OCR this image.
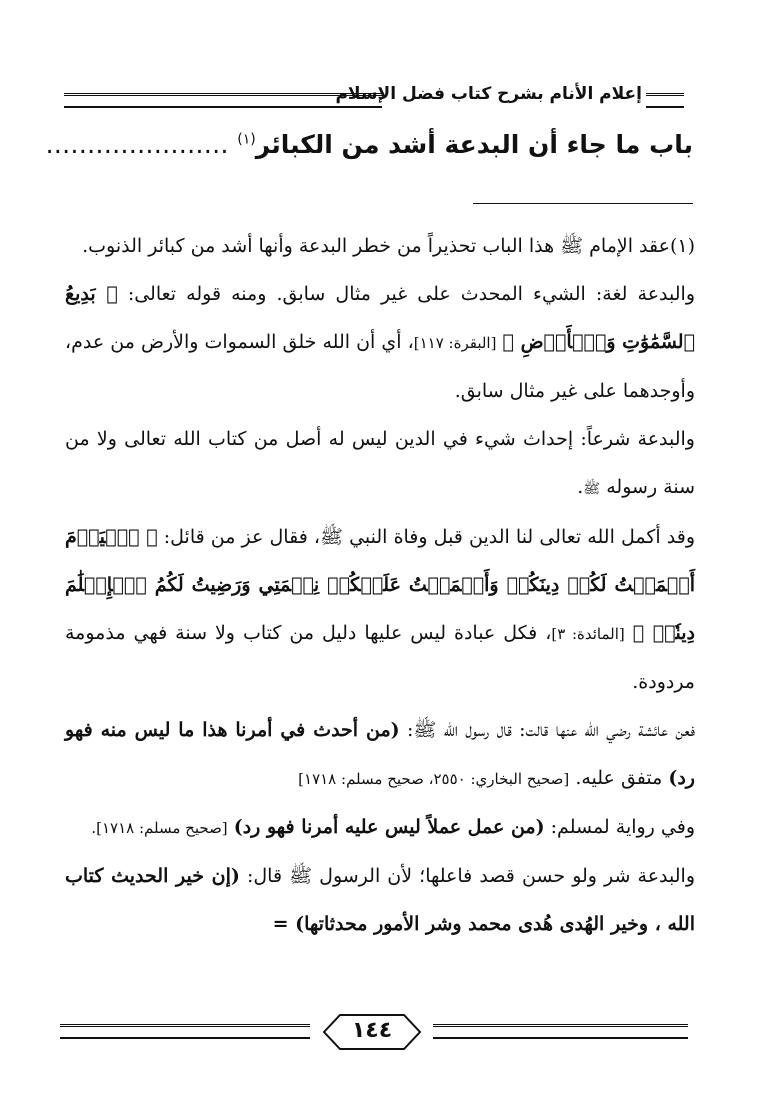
إعلام الأنام بشرح كتاب فضل الإسلام
باب ما جاء أن البدعة أشد من الكبائر$^{(١)}$ ………………….

(١)عقد الإمام ﷺ هذا الباب تحذيراً من خطر البدعة وأنها أشد من كبائر الذنوب.

والبدعة لغة: الشيء المحدث على غير مثال سابق. ومنه قوله تعالى: ﴿ بَدِيعُ ٱلسَّمَٰوَٰتِ وَٱلۡأَرۡضِ ﴾ [البقرة: ١١٧]، أي أن الله خلق السموات والأرض من عدم، وأوجدهما على غير مثال سابق.

والبدعة شرعاً: إحداث شيء في الدين ليس له أصل من كتاب الله تعالى ولا من سنة رسوله ﷺ.

وقد أكمل الله تعالى لنا الدين قبل وفاة النبي ﷺ، فقال عز من قائل: ﴿ ٱلۡيَوۡمَ أَكۡمَلۡتُ لَكُمۡ دِينَكُمۡ وَأَتۡمَمۡتُ عَلَيۡكُمۡ نِعۡمَتِي وَرَضِيتُ لَكُمُ ٱلۡإِسۡلَٰمَ دِينٗاۚ ﴾ [المائدة: ٣]، فكل عبادة ليس عليها دليل من كتاب ولا سنة فهي مذمومة مردودة.

فعن عائشة رضي الله عنها قالت: قال رسول الله ﷺ: (من أحدث في أمرنا هذا ما ليس منه فهو رد) متفق عليه. [صحيح البخاري: ٢٥٥٠، صحيح مسلم: ١٧١٨]
وفي رواية لمسلم: (من عمل عملاً ليس عليه أمرنا فهو رد) [صحيح مسلم: ١٧١٨].

والبدعة شر ولو حسن قصد فاعلها؛ لأن الرسول ﷺ قال: (إن خير الحديث كتاب الله ، وخير الهُدى هُدى محمد وشر الأمور محدثاتها) =

١٤٤
